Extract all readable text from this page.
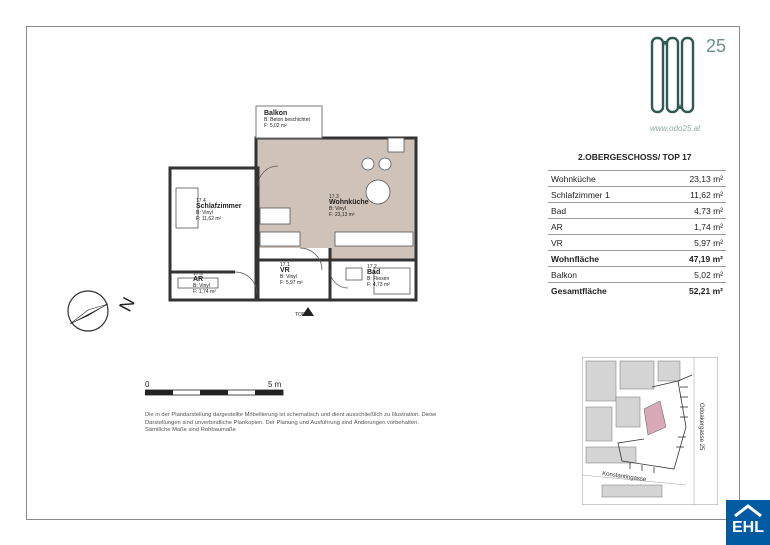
25
www.odo25.at
2.OBERGESCHOSS/ TOP 17
Wohnküche	23,13 m²
Schlafzimmer 1	11,62 m²
Bad	4,73 m²
AR	1,74 m²
VR	5,97 m²
Wohnfläche	47,19 m²
Balkon	5,02 m²
Gesamtfläche	52,21 m²
Balkon
B: Beton beschichtet
F: 5,02 m²
17.4
Schlafzimmer
B: Vinyl
F: 11,62 m²
17.3
Wohnküche
B: Vinyl
F: 23,13 m²
17.5
AR
B: Vinyl
F: 1,74 m²
17.1
VR
B: Vinyl
F: 5,97 m²
17.2
Bad
B: Fliesen
F: 4,73 m²
TOP 17
N
0	5 m
Die in der Plandarstellung dargestellte Möbellierung ist schematisch und dient ausschließlich zu Illustration. Diese Darstellungen sind unverbindliche Plankopien. Der Planung und Ausführung sind Änderungen vorbehalten. Sämtliche Maße sind Rohbaumaße
Konstantingasse
Odoakergasse 25
EHL
